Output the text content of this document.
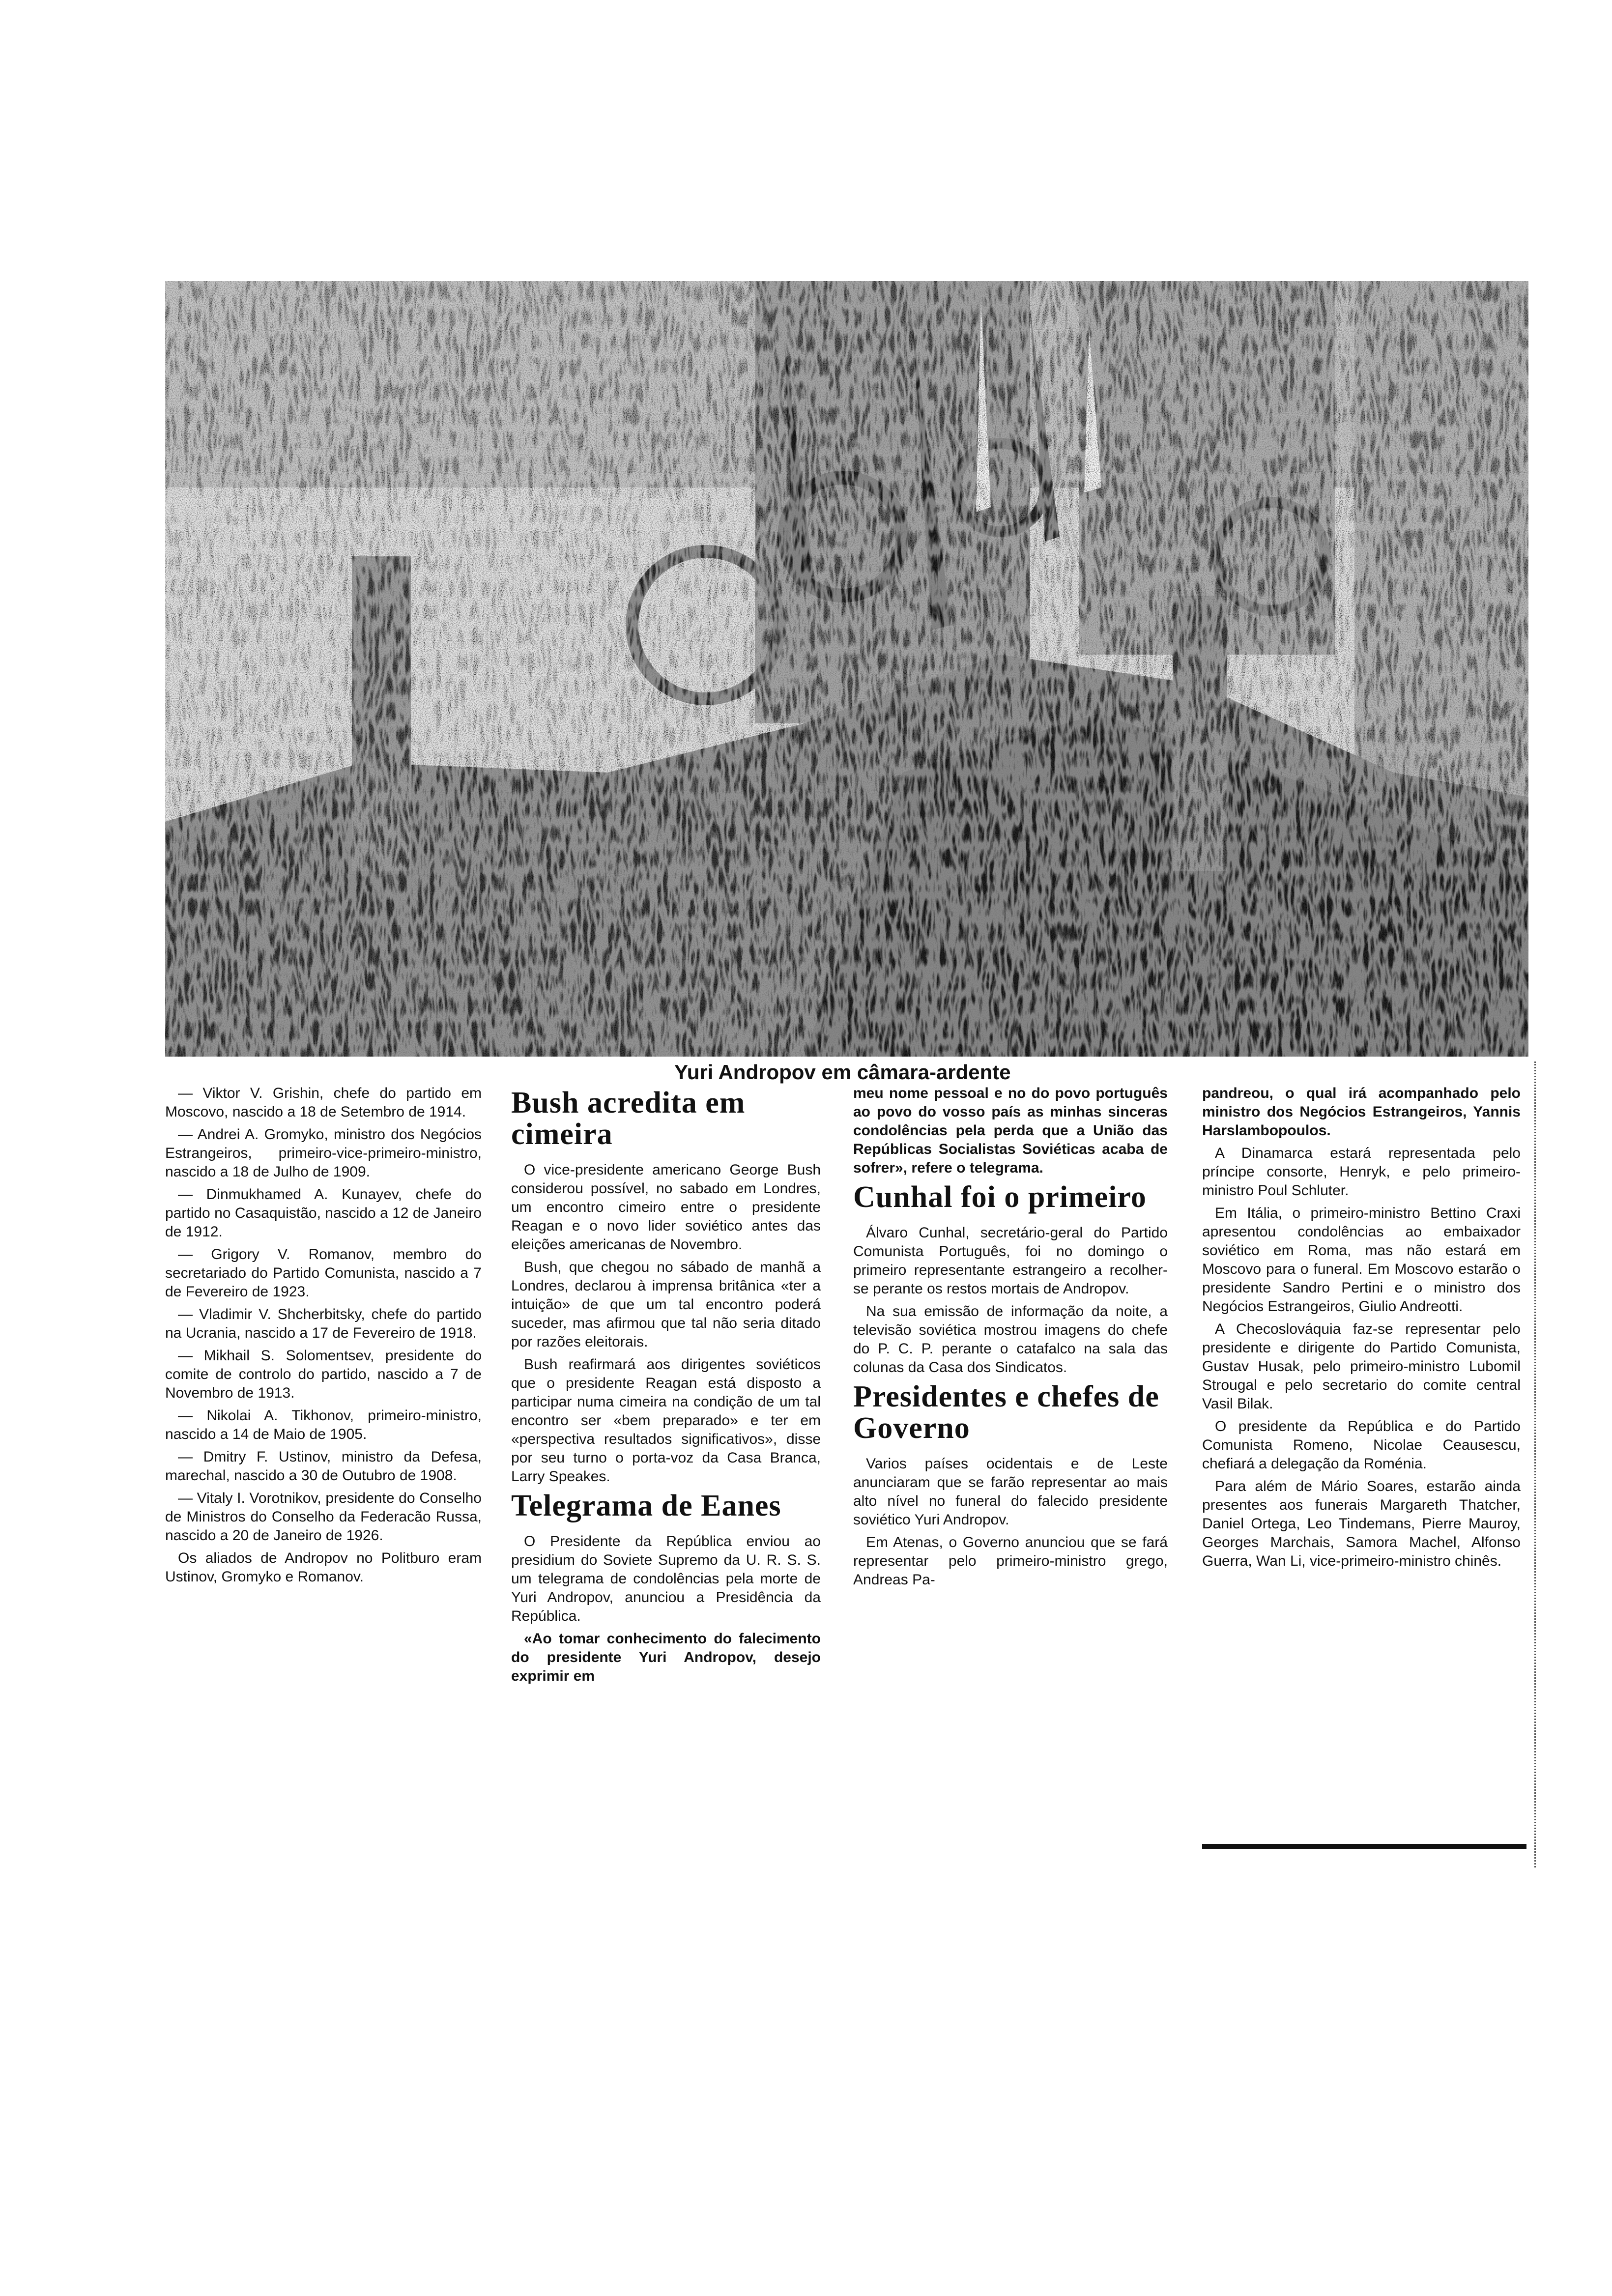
Yuri Andropov em câmara-ardente

— Viktor V. Grishin, chefe do partido em Moscovo, nascido a 18 de Setembro de 1914.

— Andrei A. Gromyko, ministro dos Negócios Estrangeiros, primeiro-vice-primeiro-ministro, nascido a 18 de Julho de 1909.

— Dinmukhamed A. Kunayev, chefe do partido no Casaquistão, nascido a 12 de Janeiro de 1912.

— Grigory V. Romanov, membro do secretariado do Partido Comunista, nascido a 7 de Fevereiro de 1923.

— Vladimir V. Shcherbitsky, chefe do partido na Ucrania, nascido a 17 de Fevereiro de 1918.

— Mikhail S. Solomentsev, presidente do comite de controlo do partido, nascido a 7 de Novembro de 1913.

— Nikolai A. Tikhonov, primeiro-ministro, nascido a 14 de Maio de 1905.

— Dmitry F. Ustinov, ministro da Defesa, marechal, nascido a 30 de Outubro de 1908.

— Vitaly I. Vorotnikov, presidente do Conselho de Ministros do Conselho da Federacão Russa, nascido a 20 de Janeiro de 1926.

Os aliados de Andropov no Politburo eram Ustinov, Gromyko e Romanov.

Bush acredita em cimeira

O vice-presidente americano George Bush considerou possível, no sabado em Londres, um encontro cimeiro entre o presidente Reagan e o novo lider soviético antes das eleições americanas de Novembro.

Bush, que chegou no sábado de manhã a Londres, declarou à imprensa britânica «ter a intuição» de que um tal encontro poderá suceder, mas afirmou que tal não seria ditado por razões eleitorais.

Bush reafirmará aos dirigentes soviéticos que o presidente Reagan está disposto a participar numa cimeira na condição de um tal encontro ser «bem preparado» e ter em «perspectiva resultados significativos», disse por seu turno o porta-voz da Casa Branca, Larry Speakes.

Telegrama de Eanes

O Presidente da República enviou ao presidium do Soviete Supremo da U. R. S. S. um telegrama de condolências pela morte de Yuri Andropov, anunciou a Presidência da República.

«Ao tomar conhecimento do falecimento do presidente Yuri Andropov, desejo exprimir em

meu nome pessoal e no do povo português ao povo do vosso país as minhas sinceras condolências pela perda que a União das Repúblicas Socialistas Soviéticas acaba de sofrer», refere o telegrama.

Cunhal foi o primeiro

Álvaro Cunhal, secretário-geral do Partido Comunista Português, foi no domingo o primeiro representante estrangeiro a recolher-se perante os restos mortais de Andropov.

Na sua emissão de informação da noite, a televisão soviética mostrou imagens do chefe do P. C. P. perante o catafalco na sala das colunas da Casa dos Sindicatos.

Presidentes e chefes de Governo

Varios países ocidentais e de Leste anunciaram que se farão representar ao mais alto nível no funeral do falecido presidente soviético Yuri Andropov.

Em Atenas, o Governo anunciou que se fará representar pelo primeiro-ministro grego, Andreas Pa-

pandreou, o qual irá acompanhado pelo ministro dos Negócios Estrangeiros, Yannis Harslambopoulos.

A Dinamarca estará representada pelo príncipe consorte, Henryk, e pelo primeiro-ministro Poul Schluter.

Em Itália, o primeiro-ministro Bettino Craxi apresentou condolências ao embaixador soviético em Roma, mas não estará em Moscovo para o funeral. Em Moscovo estarão o presidente Sandro Pertini e o ministro dos Negócios Estrangeiros, Giulio Andreotti.

A Checoslováquia faz-se representar pelo presidente e dirigente do Partido Comunista, Gustav Husak, pelo primeiro-ministro Lubomil Strougal e pelo secretario do comite central Vasil Bilak.

O presidente da República e do Partido Comunista Romeno, Nicolae Ceausescu, chefiará a delegação da Roménia.

Para além de Mário Soares, estarão ainda presentes aos funerais Margareth Thatcher, Daniel Ortega, Leo Tindemans, Pierre Mauroy, Georges Marchais, Samora Machel, Alfonso Guerra, Wan Li, vice-primeiro-ministro chinês.
